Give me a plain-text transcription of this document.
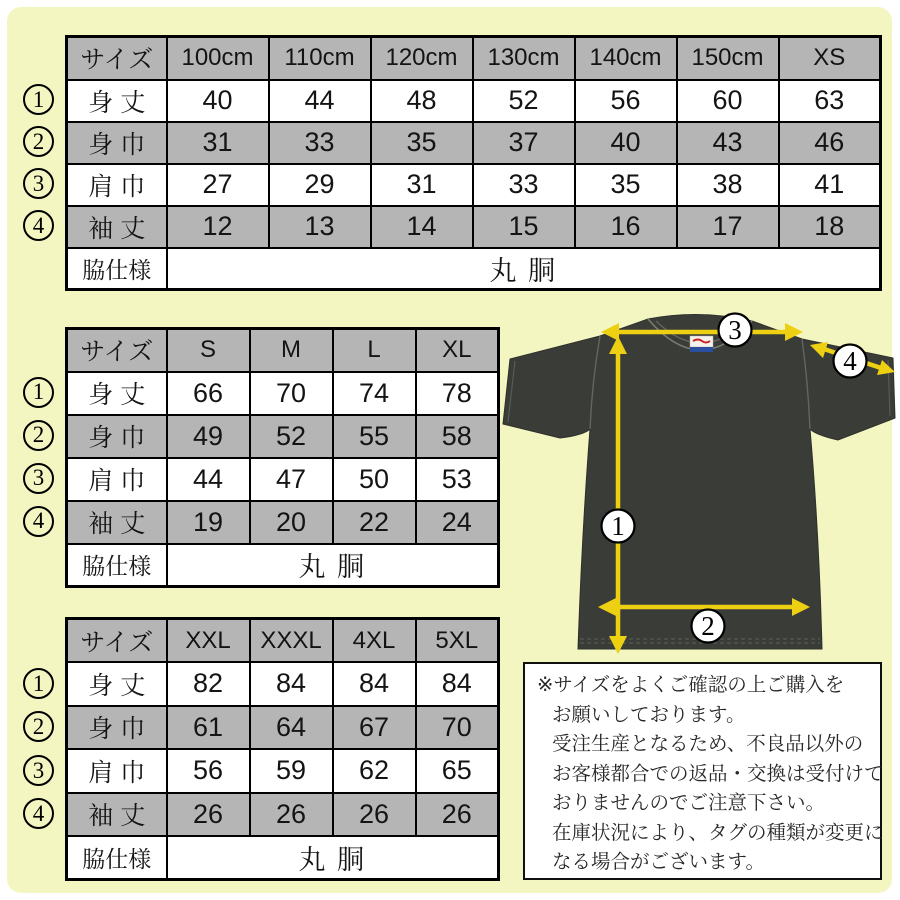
1
2
3
4
サイズ	100cm	110cm	120cm	130cm	140cm	150cm	XS
身 丈	40	44	48	52	56	60	63
身 巾	31	33	35	37	40	43	46
肩 巾	27	29	31	33	35	38	41
袖 丈	12	13	14	15	16	17	18
脇仕様	丸 胴						
1
2
3
4
サイズ	S	M	L	XL
身 丈	66	70	74	78
身 巾	49	52	55	58
肩 巾	44	47	50	53
袖 丈	19	20	22	24
脇仕様	丸 胴			
1
2
3
4
サイズ	XXL	XXXL	4XL	5XL
身 丈	82	84	84	84
身 巾	61	64	67	70
肩 巾	56	59	62	65
袖 丈	26	26	26	26
脇仕様	丸 胴			
3
4
1
2
※サイズをよくご確認の上ご購入を
お願いしております。
受注生産となるため、不良品以外の
お客様都合での返品・交換は受付けて
おりませんのでご注意下さい。
在庫状況により、タグの種類が変更に
なる場合がございます。
